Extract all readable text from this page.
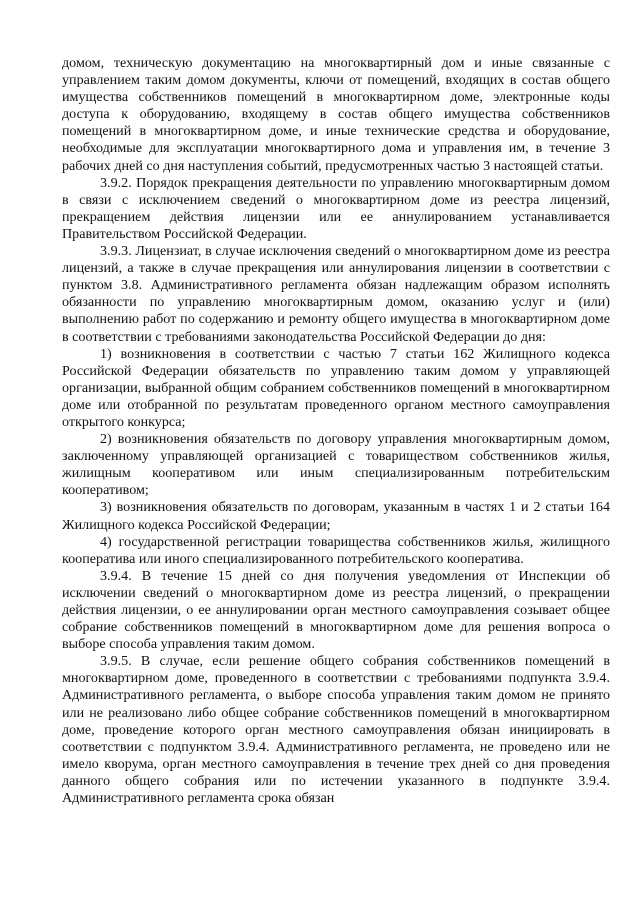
домом, техническую документацию на многоквартирный дом и иные связанные с управлением таким домом документы, ключи от помещений, входящих в состав общего имущества собственников помещений в многоквартирном доме, электронные коды доступа к оборудованию, входящему в состав общего имущества собственников помещений в многоквартирном доме, и иные технические средства и оборудование, необходимые для эксплуатации многоквартирного дома и управления им, в течение 3 рабочих дней со дня наступления событий, предусмотренных частью 3 настоящей статьи.

3.9.2. Порядок прекращения деятельности по управлению многоквартирным домом в связи с исключением сведений о многоквартирном доме из реестра лицензий, прекращением действия лицензии или ее аннулированием устанавливается Правительством Российской Федерации.

3.9.3. Лицензиат, в случае исключения сведений о многоквартирном доме из реестра лицензий, а также в случае прекращения или аннулирования лицензии в соответствии с пунктом 3.8. Административного регламента обязан надлежащим образом исполнять обязанности по управлению многоквартирным домом, оказанию услуг и (или) выполнению работ по содержанию и ремонту общего имущества в многоквартирном доме в соответствии с требованиями законодательства Российской Федерации до дня:

1) возникновения в соответствии с частью 7 статьи 162 Жилищного кодекса Российской Федерации обязательств по управлению таким домом у управляющей организации, выбранной общим собранием собственников помещений в многоквартирном доме или отобранной по результатам проведенного органом местного самоуправления открытого конкурса;

2) возникновения обязательств по договору управления многоквартирным домом, заключенному управляющей организацией с товариществом собственников жилья, жилищным кооперативом или иным специализированным потребительским кооперативом;

3) возникновения обязательств по договорам, указанным в частях 1 и 2 статьи 164 Жилищного кодекса Российской Федерации;

4) государственной регистрации товарищества собственников жилья, жилищного кооператива или иного специализированного потребительского кооператива.

3.9.4. В течение 15 дней со дня получения уведомления от Инспекции об исключении сведений о многоквартирном доме из реестра лицензий, о прекращении действия лицензии, о ее аннулировании орган местного самоуправления созывает общее собрание собственников помещений в многоквартирном доме для решения вопроса о выборе способа управления таким домом.

3.9.5. В случае, если решение общего собрания собственников помещений в многоквартирном доме, проведенного в соответствии с требованиями подпункта 3.9.4. Административного регламента, о выборе способа управления таким домом не принято или не реализовано либо общее собрание собственников помещений в многоквартирном доме, проведение которого орган местного самоуправления обязан инициировать в соответствии с подпунктом 3.9.4. Административного регламента, не проведено или не имело кворума, орган местного самоуправления в течение трех дней со дня проведения данного общего собрания или по истечении указанного в подпункте 3.9.4. Административного регламента срока обязан
